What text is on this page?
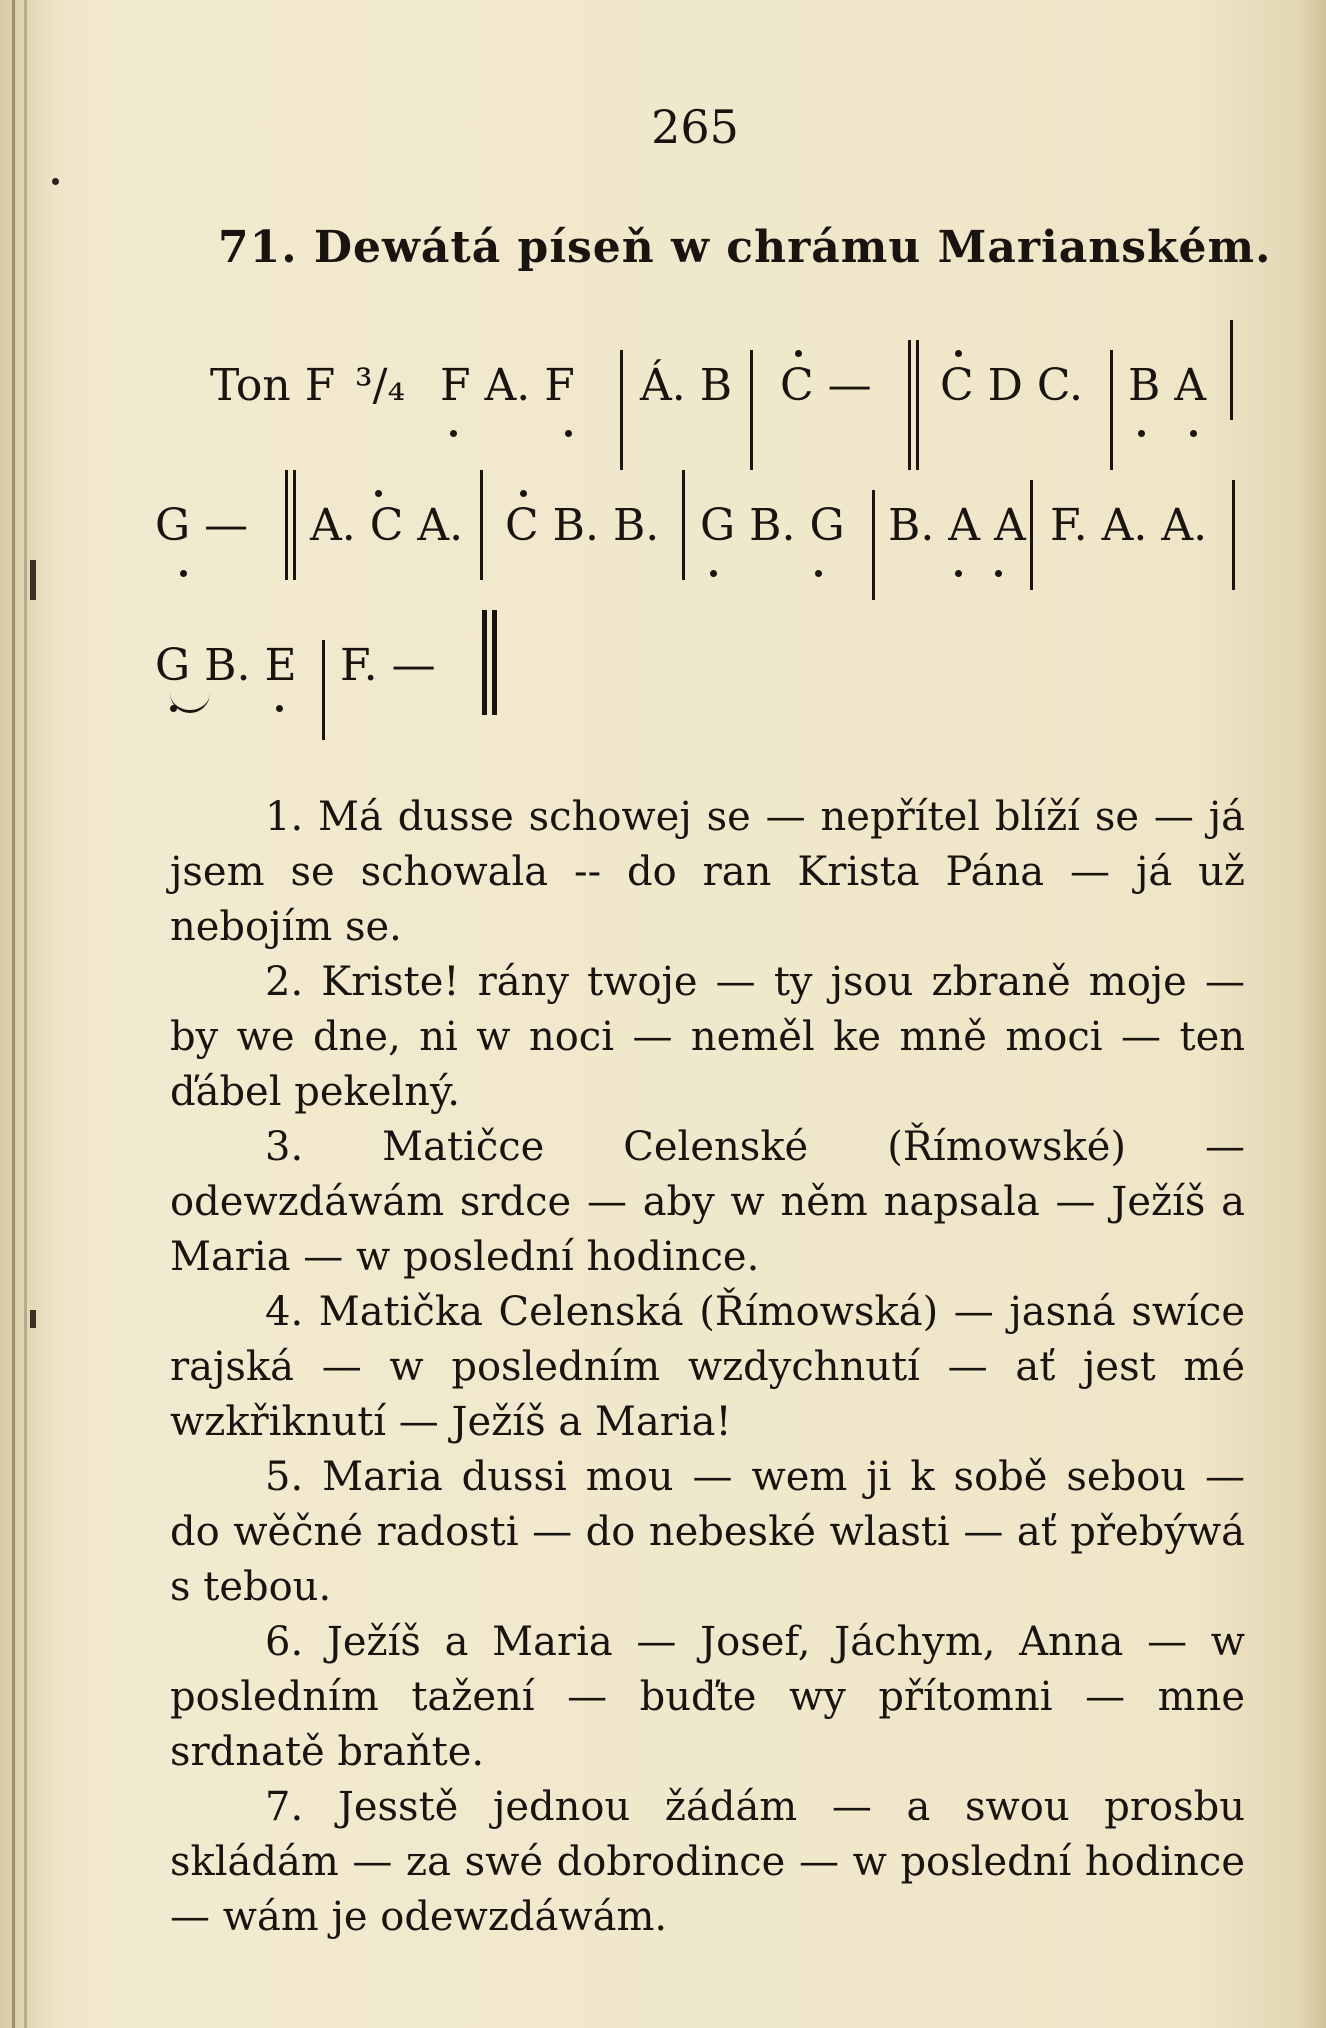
265
71. Dewátá píseň w chrámu Marianském.
Ton F ³/₄ F A. F Á. B C — C D C. B A
G — A. C A. C B. B. G B. G B. A A F. A. A.
G B. E F. —

1. Má dusse schowej se — nepřítel blíží se — já jsem se schowala -- do ran Krista Pána — já už nebojím se.

2. Kriste! rány twoje — ty jsou zbraně moje — by we dne, ni w noci — neměl ke mně moci — ten ďábel pekelný.

3. Matičce Celenské (Římowské) — odewzdáwám srdce — aby w něm napsala — Ježíš a Maria — w poslední hodince.

4. Matička Celenská (Římowská) — jasná swíce rajská — w posledním wzdychnutí — ať jest mé wzkřiknutí — Ježíš a Maria!

5. Maria dussi mou — wem ji k sobě sebou — do wěčné radosti — do nebeské wlasti — ať přebýwá s tebou.

6. Ježíš a Maria — Josef, Jáchym, Anna — w posledním tažení — buďte wy přítomni — mne srdnatě braňte.

7. Jesstě jednou žádám — a swou prosbu skládám — za swé dobrodince — w poslední hodince — wám je odewzdáwám.
